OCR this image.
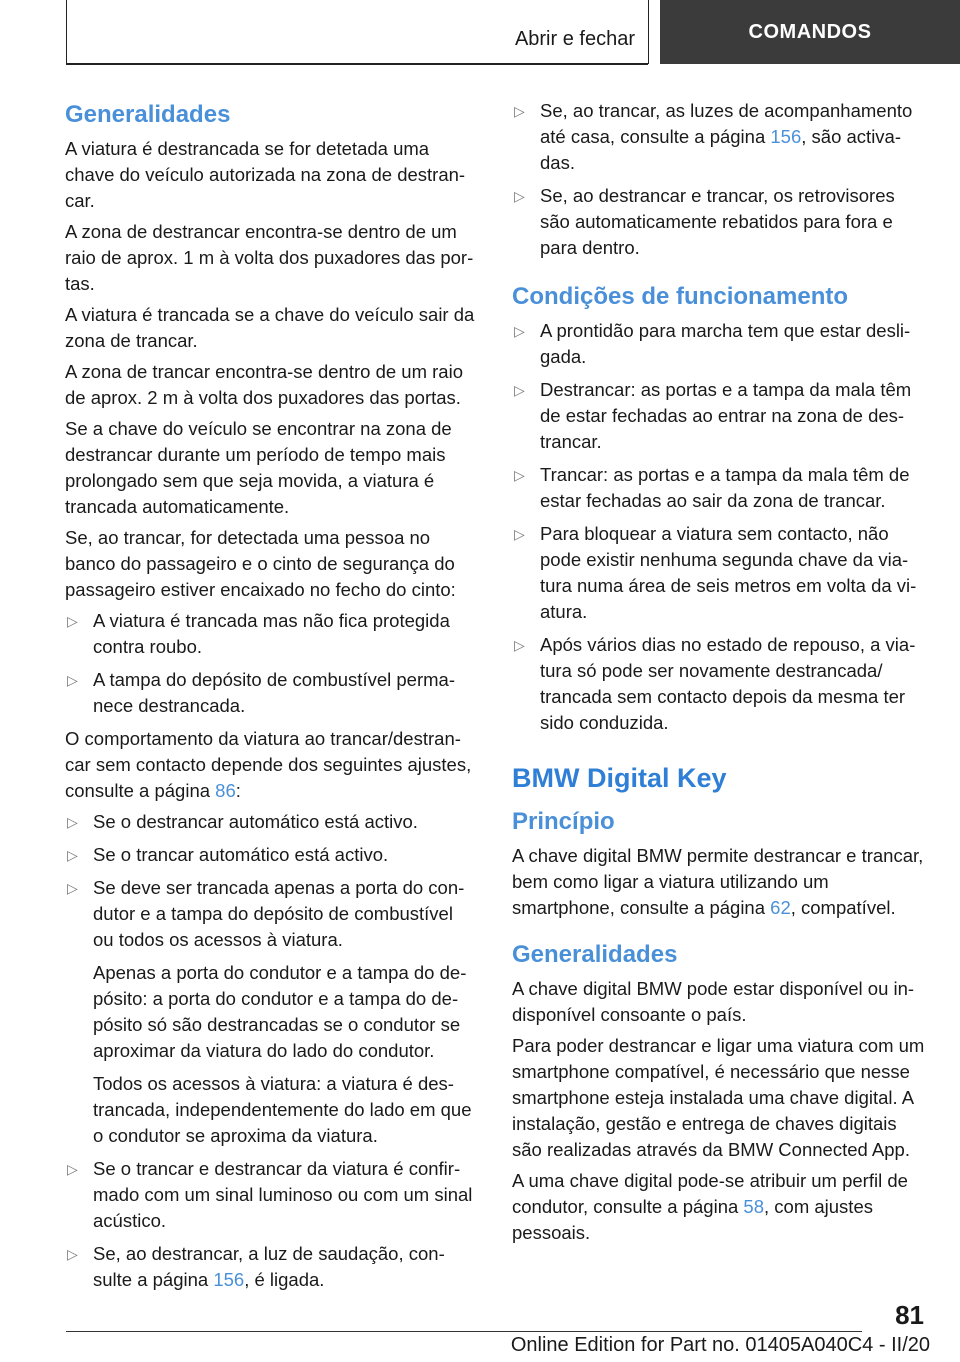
Abrir e fechar	COMANDOS
Generalidades

A viatura é destrancada se for detetada uma chave do veículo autorizada na zona de destrancar.

A zona de destrancar encontra-se dentro de um raio de aprox. 1 m à volta dos puxadores das portas.

A viatura é trancada se a chave do veículo sair da zona de trancar.

A zona de trancar encontra-se dentro de um raio de aprox. 2 m à volta dos puxadores das portas.

Se a chave do veículo se encontrar na zona de destrancar durante um período de tempo mais prolongado sem que seja movida, a viatura é trancada automaticamente.

Se, ao trancar, for detectada uma pessoa no banco do passageiro e o cinto de segurança do passageiro estiver encaixado no fecho do cinto:

▷ A viatura é trancada mas não fica protegida contra roubo.
▷ A tampa do depósito de combustível permanece destrancada.

O comportamento da viatura ao trancar/destrancar sem contacto depende dos seguintes ajustes, consulte a página 86:

▷ Se o destrancar automático está activo.
▷ Se o trancar automático está activo.
▷ Se deve ser trancada apenas a porta do condutor e a tampa do depósito de combustível ou todos os acessos à viatura.
Apenas a porta do condutor e a tampa do depósito: a porta do condutor e a tampa do depósito só são destrancadas se o condutor se aproximar da viatura do lado do condutor.
Todos os acessos à viatura: a viatura é destrancada, independentemente do lado em que o condutor se aproxima da viatura.
▷ Se o trancar e destrancar da viatura é confirmado com um sinal luminoso ou com um sinal acústico.
▷ Se, ao destrancar, a luz de saudação, consulte a página 156, é ligada.
▷ Se, ao trancar, as luzes de acompanhamento até casa, consulte a página 156, são activadas.
▷ Se, ao destrancar e trancar, os retrovisores são automaticamente rebatidos para fora e para dentro.
Condições de funcionamento
▷ A prontidão para marcha tem que estar desligada.
▷ Destrancar: as portas e a tampa da mala têm de estar fechadas ao entrar na zona de destrancar.
▷ Trancar: as portas e a tampa da mala têm de estar fechadas ao sair da zona de trancar.
▷ Para bloquear a viatura sem contacto, não pode existir nenhuma segunda chave da viatura numa área de seis metros em volta da viatura.
▷ Após vários dias no estado de repouso, a viatura só pode ser novamente destrancada/ trancada sem contacto depois da mesma ter sido conduzida.
BMW Digital Key
Princípio

A chave digital BMW permite destrancar e trancar, bem como ligar a viatura utilizando um smartphone, consulte a página 62, compatível.

Generalidades

A chave digital BMW pode estar disponível ou indisponível consoante o país.

Para poder destrancar e ligar uma viatura com um smartphone compatível, é necessário que nesse smartphone esteja instalada uma chave digital. A instalação, gestão e entrega de chaves digitais são realizadas através da BMW Connected App.

A uma chave digital pode-se atribuir um perfil de condutor, consulte a página 58, com ajustes pessoais.

81
Online Edition for Part no. 01405A040C4 - II/20
